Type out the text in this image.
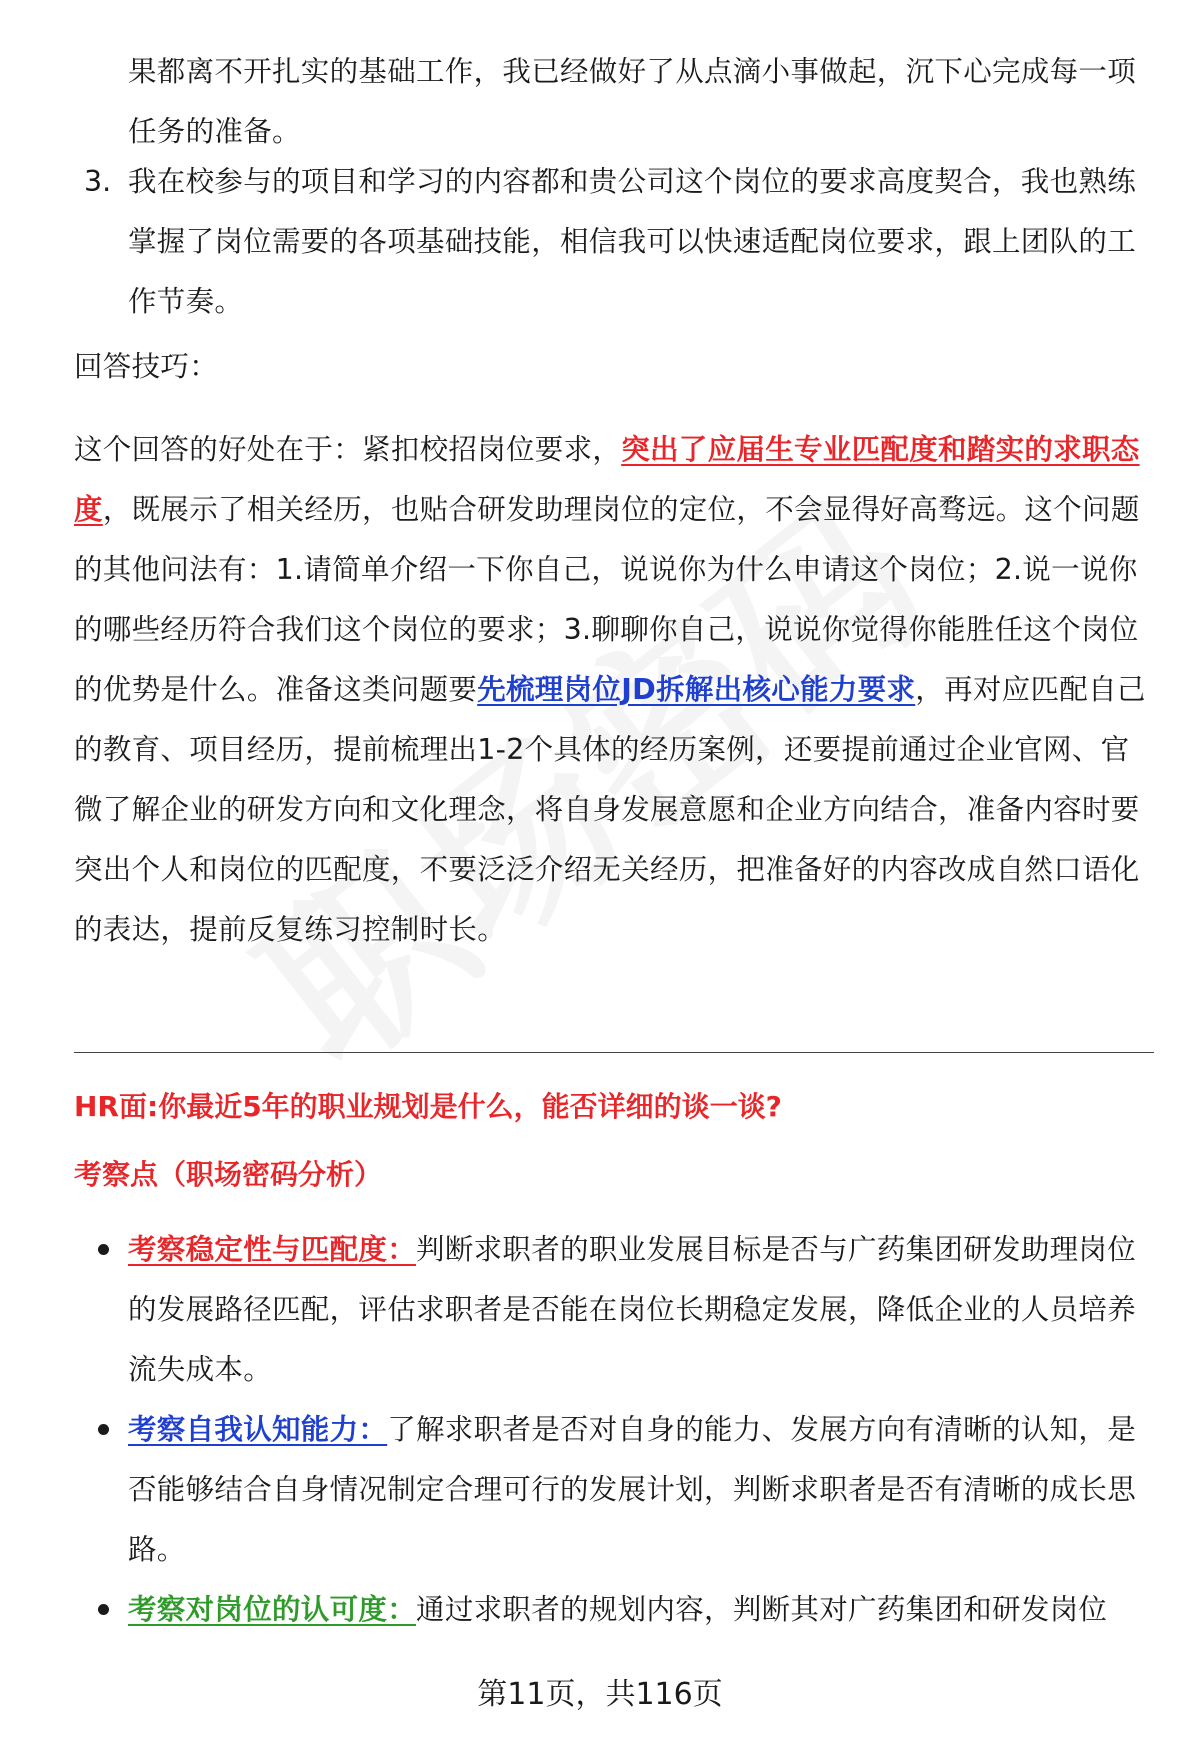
果都离不开扎实的基础工作，我已经做好了从点滴小事做起，沉下心完成每一项任务的准备。
3. 我在校参与的项目和学习的内容都和贵公司这个岗位的要求高度契合，我也熟练掌握了岗位需要的各项基础技能，相信我可以快速适配岗位要求，跟上团队的工作节奏。
回答技巧：
这个回答的好处在于：紧扣校招岗位要求，突出了应届生专业匹配度和踏实的求职态度，既展示了相关经历，也贴合研发助理岗位的定位，不会显得好高骛远。这个问题的其他问法有：1.请简单介绍一下你自己，说说你为什么申请这个岗位；2.说一说你的哪些经历符合我们这个岗位的要求；3.聊聊你自己，说说你觉得你能胜任这个岗位的优势是什么。准备这类问题要先梳理岗位JD拆解出核心能力要求，再对应匹配自己的教育、项目经历，提前梳理出1-2个具体的经历案例，还要提前通过企业官网、官微了解企业的研发方向和文化理念，将自身发展意愿和企业方向结合，准备内容时要突出个人和岗位的匹配度，不要泛泛介绍无关经历，把准备好的内容改成自然口语化的表达，提前反复练习控制时长。
HR面:你最近5年的职业规划是什么，能否详细的谈一谈?
考察点（职场密码分析）
考察稳定性与匹配度：判断求职者的职业发展目标是否与广药集团研发助理岗位的发展路径匹配，评估求职者是否能在岗位长期稳定发展，降低企业的人员培养流失成本。
考察自我认知能力：了解求职者是否对自身的能力、发展方向有清晰的认知，是否能够结合自身情况制定合理可行的发展计划，判断求职者是否有清晰的成长思路。
考察对岗位的认可度：通过求职者的规划内容，判断其对广药集团和研发岗位
第11页，共116页
